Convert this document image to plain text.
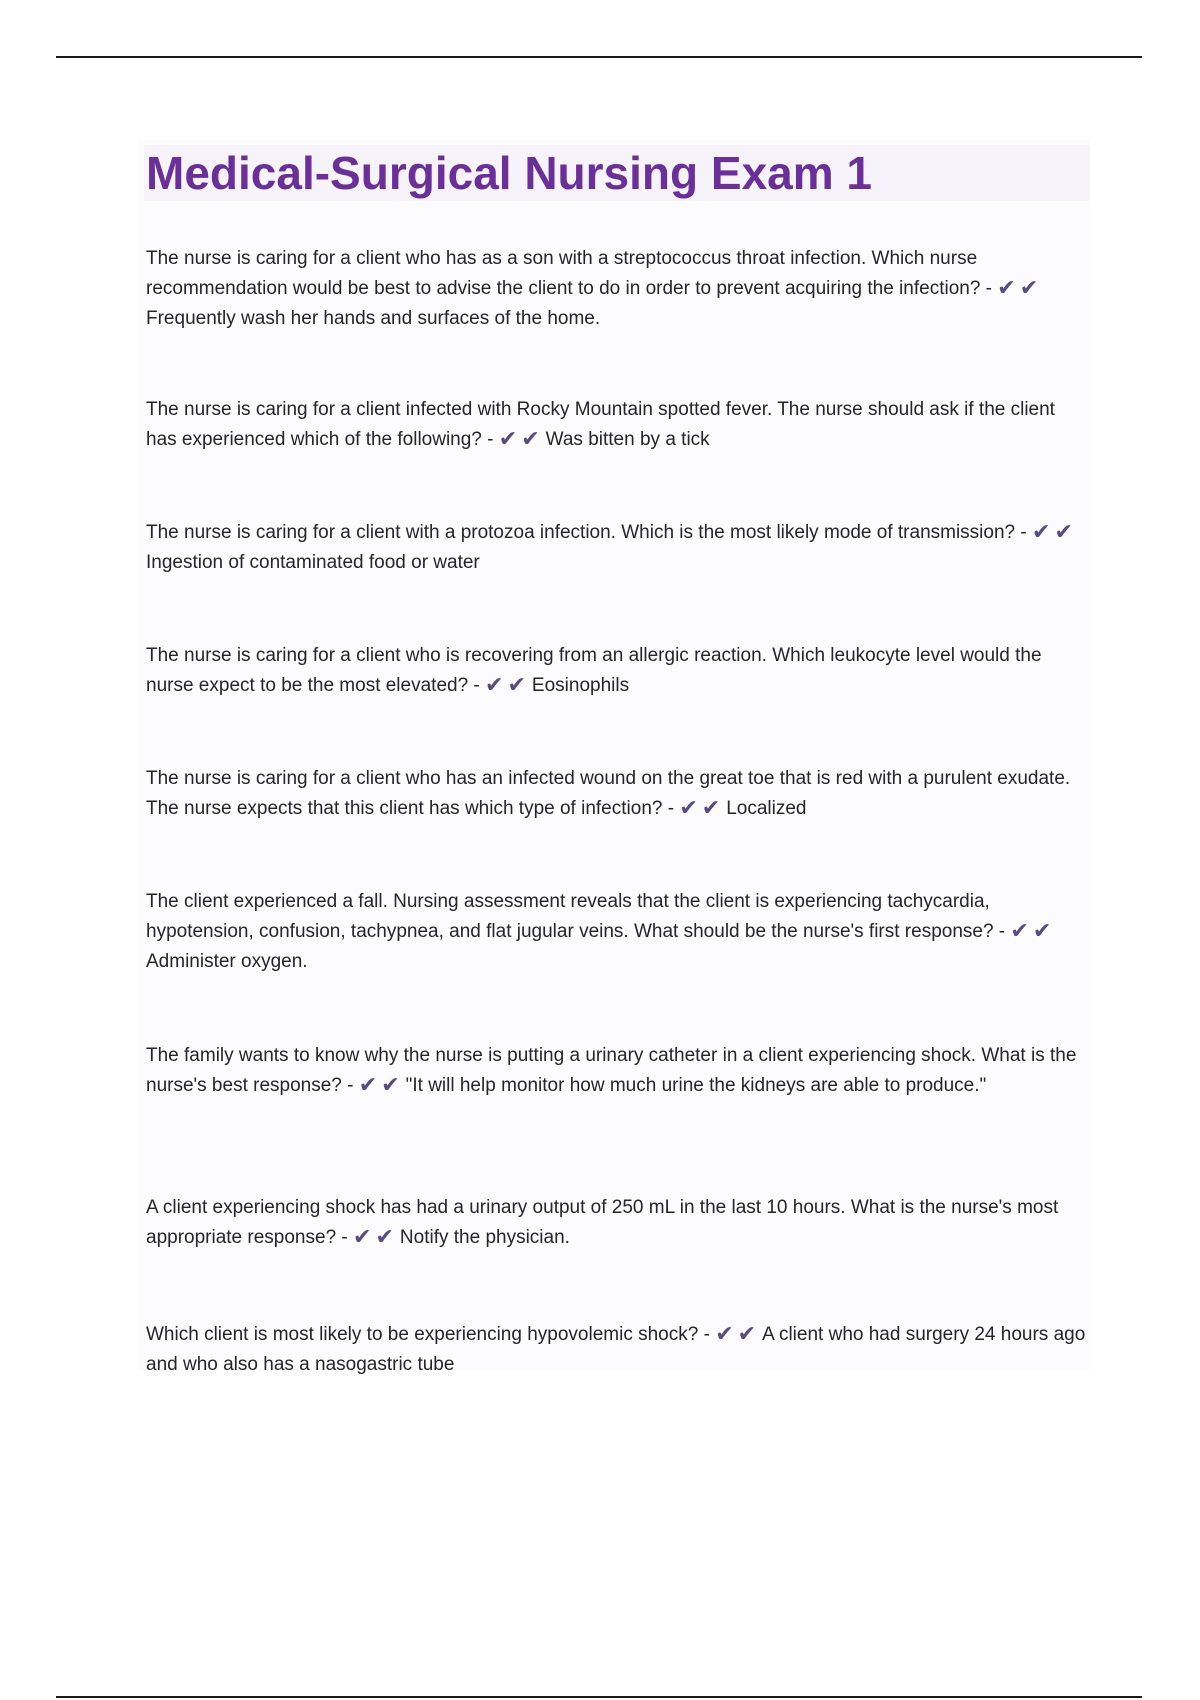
Medical-Surgical Nursing Exam 1

The nurse is caring for a client who has as a son with a streptococcus throat infection. Which nurse recommendation would be best to advise the client to do in order to prevent acquiring the infection? - ✔ ✔Frequently wash her hands and surfaces of the home.

The nurse is caring for a client infected with Rocky Mountain spotted fever. The nurse should ask if the client has experienced which of the following? - ✔ ✔ Was bitten by a tick

The nurse is caring for a client with a protozoa infection. Which is the most likely mode of transmission? - ✔ ✔Ingestion of contaminated food or water

The nurse is caring for a client who is recovering from an allergic reaction. Which leukocyte level would the nurse expect to be the most elevated? - ✔ ✔ Eosinophils

The nurse is caring for a client who has an infected wound on the great toe that is red with a purulent exudate. The nurse expects that this client has which type of infection? - ✔ ✔ Localized

The client experienced a fall. Nursing assessment reveals that the client is experiencing tachycardia, hypotension, confusion, tachypnea, and flat jugular veins. What should be the nurse's first response? - ✔ ✔Administer oxygen.

The family wants to know why the nurse is putting a urinary catheter in a client experiencing shock. What is the nurse's best response? - ✔ ✔ "It will help monitor how much urine the kidneys are able to produce."

A client experiencing shock has had a urinary output of 250 mL in the last 10 hours. What is the nurse's most appropriate response? - ✔ ✔ Notify the physician.

Which client is most likely to be experiencing hypovolemic shock? - ✔ ✔ A client who had surgery 24 hours ago and who also has a nasogastric tube
